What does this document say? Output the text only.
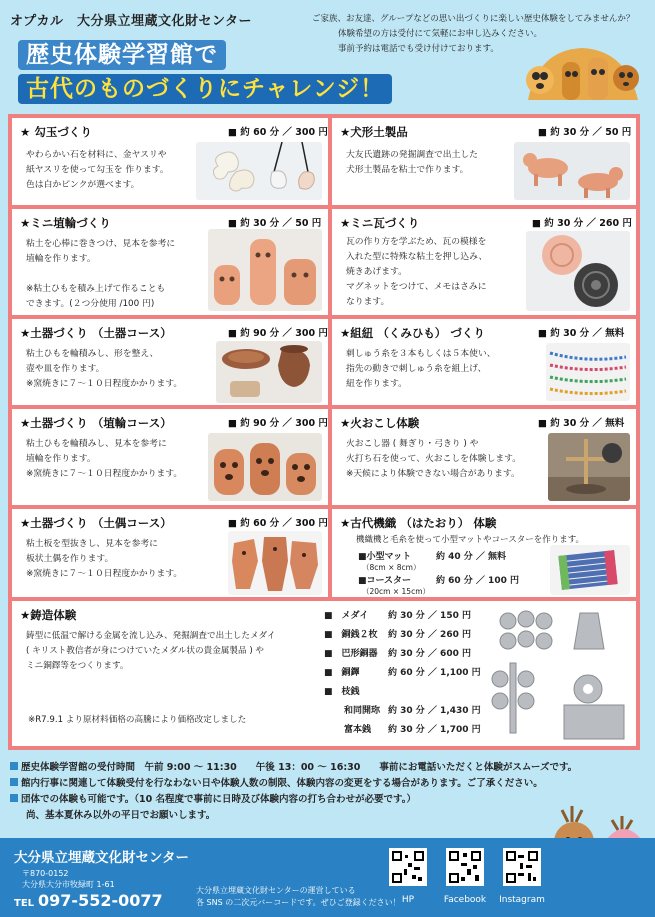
オプカル　大分県立埋蔵文化財センター	ご家族、お友達、グループなどの思い出づくりに楽しい歴史体験をしてみませんか？
体験希望の方は受付にて気軽にお申し込みください。
事前予約は電話でも受け付けております。
歴史体験学習館で
古代のものづくりにチャレンジ！
★ 勾玉づくり	■ 約 60 分 ／ 300 円
やわらかい石を材料に、金ヤスリや
紙ヤスリを使って勾玉を 作ります。
色は白かピンクが選べます。
★犬形土製品	■ 約 30 分 ／ 50 円
大友氏遺跡の発掘調査で出土した
犬形土製品を粘土で作ります。
★ミニ埴輪づくり	■ 約 30 分 ／ 50 円
粘土を心棒に巻きつけ、見本を参考に
埴輪を作ります。
※粘土ひもを積み上げて作ることも
できます。(２つ分使用 /100 円)
★ミニ瓦づくり	■ 約 30 分 ／ 260 円
瓦の作り方を学ぶため、瓦の模様を
入れた型に特殊な粘土を押し込み、
焼きあげます。
マグネットをつけて、メモはさみに
なります。
★土器づくり （土器コース）	■ 約 90 分 ／ 300 円
粘土ひもを輪積みし、形を整え、
壺や皿を作ります。
※窯焼きに７～１０日程度かかります。
★組紐 （くみひも） づくり	■ 約 30 分 ／ 無料
刺しゅう糸を３本もしくは５本使い、
指先の動きで刺しゅう糸を組上げ、
紐を作ります。
★土器づくり （埴輪コース）	■ 約 90 分 ／ 300 円
粘土ひもを輪積みし、見本を参考に
埴輪を作ります。
※窯焼きに７～１０日程度かかります。
★火おこし体験	■ 約 30 分 ／ 無料
火おこし器 ( 舞ぎり・弓きり ) や
火打ち石を使って、火おこしを体験します。
※天候により体験できない場合があります。
★土器づくり （土偶コース）	■ 約 60 分 ／ 300 円
粘土板を型抜きし、見本を参考に
板状土偶を作ります。
※窯焼きに７～１０日程度かかります。
★古代機織 （はたおり） 体験
機織機と毛糸を使って小型マットやコースターを作ります。
■小型マット	約 40 分 ／ 無料
（8cm × 8cm）
■コースター	約 60 分 ／ 100 円
（20cm × 15cm）
★鋳造体験
鋳型に低温で解ける金属を流し込み、発掘調査で出土したメダイ
( キリスト教信者が身につけていたメダル状の貴金属製品 ) や
ミニ銅鐸等をつくります。
※R7.9.1 より原材料価格の高騰により価格改定しました
■　メダイ 約 30 分 ／ 150 円
■　銅銭２枚 約 30 分 ／ 260 円
■　巴形銅器 約 30 分 ／ 600 円
■　銅鐸	約 60 分 ／ 1,100 円
■　枝銭
和同開珎 約 30 分 ／ 1,430 円
富本銭 約 30 分 ／ 1,700 円
歴史体験学習館の受付時間　午前 9:00 ～ 11:30　　午後 13：00 ～ 16:30　　事前にお電話いただくと体験がスムーズです。
館内行事に関連して体験受付を行なわない日や体験人数の制限、体験内容の変更をする場合があります。ご了承ください。
団体での体験も可能です。（10 名程度で事前に日時及び体験内容の打ち合わせが必要です。）
尚、基本夏休み以外の平日でお願いします。
大分県立埋蔵文化財センター
〒870-0152
大分県大分市牧緑町 1-61
TEL 097-552-0077
大分県立埋蔵文化財センターの運営している
各 SNS の二次元バーコードです。ぜひご登録ください！ HP	Facebook	Instagram
